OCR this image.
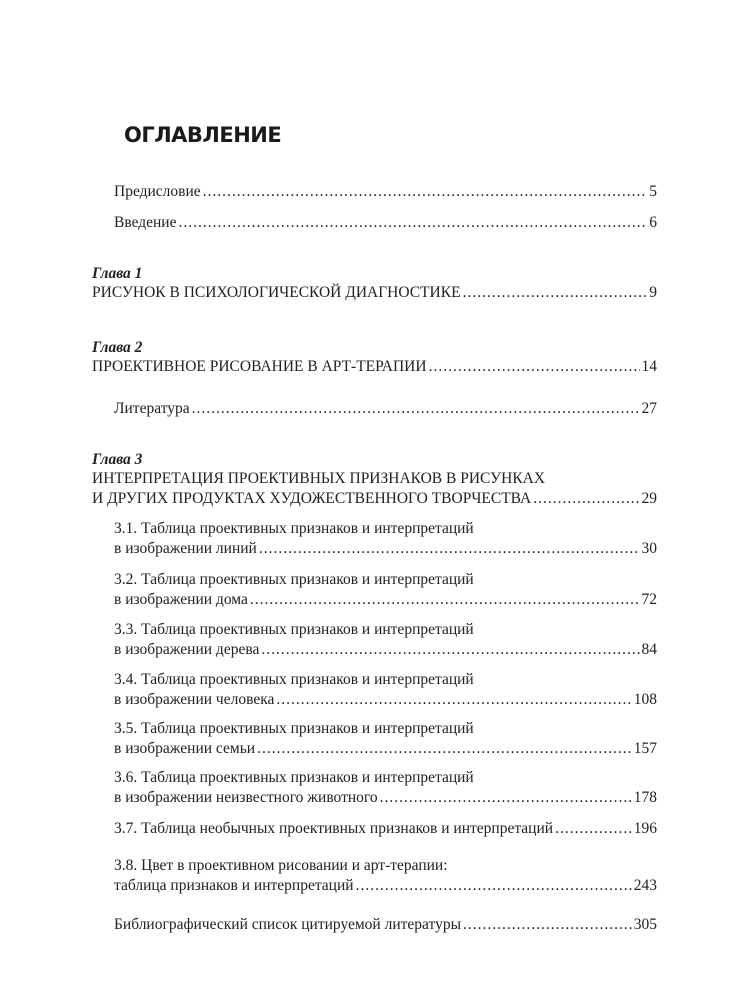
ОГЛАВЛЕНИЕ
Предисловие .....	5
Введение .....	6
Глава 1
РИСУНОК В ПСИХОЛОГИЧЕСКОЙ ДИАГНОСТИКЕ .....	9
Глава 2
ПРОЕКТИВНОЕ РИСОВАНИЕ В АРТ-ТЕРАПИИ .....	14
Литература .....	27
Глава 3
ИНТЕРПРЕТАЦИЯ ПРОЕКТИВНЫХ ПРИЗНАКОВ В РИСУНКАХ
И ДРУГИХ ПРОДУКТАХ ХУДОЖЕСТВЕННОГО ТВОРЧЕСТВА .....	29
3.1. Таблица проективных признаков и интерпретаций
в изображении линий .....	30
3.2. Таблица проективных признаков и интерпретаций
в изображении дома .....	72
3.3. Таблица проективных признаков и интерпретаций
в изображении дерева .....	84
3.4. Таблица проективных признаков и интерпретаций
в изображении человека .....	108
3.5. Таблица проективных признаков и интерпретаций
в изображении семьи .....	157
3.6. Таблица проективных признаков и интерпретаций
в изображении неизвестного животного .....	178
3.7. Таблица необычных проективных признаков и интерпретаций .....	196
3.8. Цвет в проективном рисовании и арт-терапии:
таблица признаков и интерпретаций .....	243
Библиографический список цитируемой литературы .....	305
